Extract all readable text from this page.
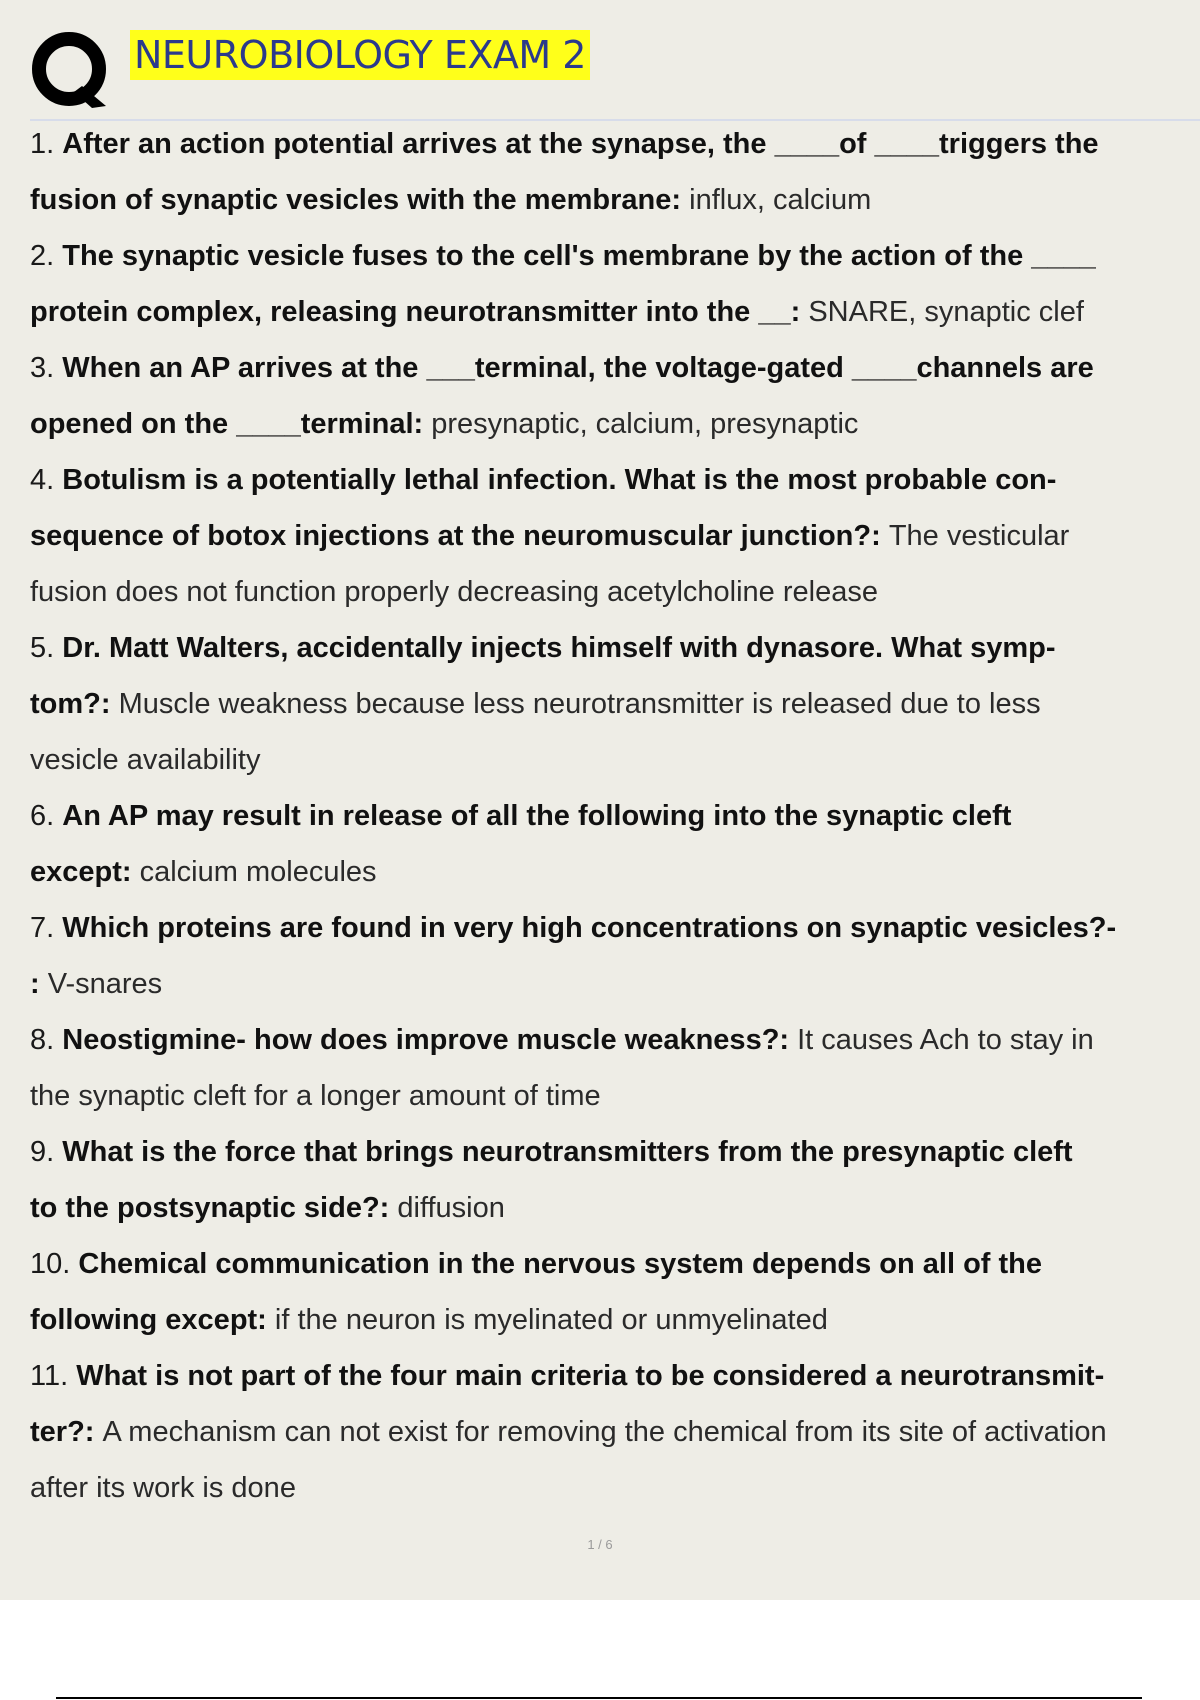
NEUROBIOLOGY EXAM 2
1. After an action potential arrives at the synapse, the ____of ____triggers the
fusion of synaptic vesicles with the membrane: influx, calcium
2. The synaptic vesicle fuses to the cell's membrane by the action of the ____
protein complex, releasing neurotransmitter into the __: SNARE, synaptic clef
3. When an AP arrives at the ___terminal, the voltage-gated ____channels are
opened on the ____terminal: presynaptic, calcium, presynaptic
4. Botulism is a potentially lethal infection. What is the most probable con-
sequence of botox injections at the neuromuscular junction?: The vesticular
fusion does not function properly decreasing acetylcholine release
5. Dr. Matt Walters, accidentally injects himself with dynasore. What symp-
tom?: Muscle weakness because less neurotransmitter is released due to less
vesicle availability
6. An AP may result in release of all the following into the synaptic cleft
except: calcium molecules
7. Which proteins are found in very high concentrations on synaptic vesicles?-
: V-snares
8. Neostigmine- how does improve muscle weakness?: It causes Ach to stay in
the synaptic cleft for a longer amount of time
9. What is the force that brings neurotransmitters from the presynaptic cleft
to the postsynaptic side?: diffusion
10. Chemical communication in the nervous system depends on all of the
following except: if the neuron is myelinated or unmyelinated
11. What is not part of the four main criteria to be considered a neurotransmit-
ter?: A mechanism can not exist for removing the chemical from its site of activation
after its work is done
1 / 6
